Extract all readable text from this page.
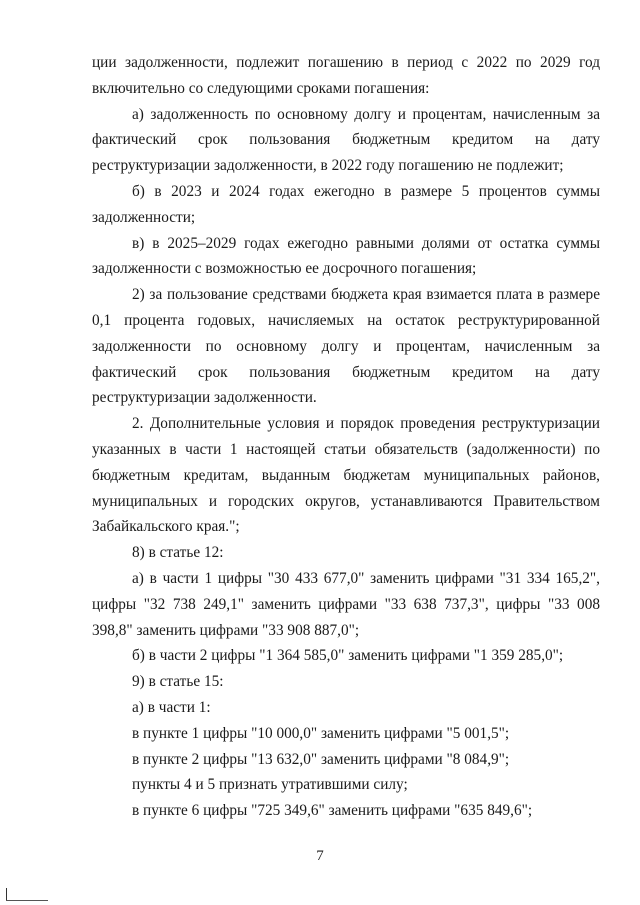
ции задолженности, подлежит погашению в период с 2022 по 2029 год включительно со следующими сроками погашения:

а) задолженность по основному долгу и процентам, начисленным за фактический срок пользования бюджетным кредитом на дату реструктуризации задолженности, в 2022 году погашению не подлежит;

б) в 2023 и 2024 годах ежегодно в размере 5 процентов суммы задолженности;

в) в 2025–2029 годах ежегодно равными долями от остатка суммы задолженности с возможностью ее досрочного погашения;

2) за пользование средствами бюджета края взимается плата в размере 0,1 процента годовых, начисляемых на остаток реструктурированной задолженности по основному долгу и процентам, начисленным за фактический срок пользования бюджетным кредитом на дату реструктуризации задолженности.

2. Дополнительные условия и порядок проведения реструктуризации указанных в части 1 настоящей статьи обязательств (задолженности) по бюджетным кредитам, выданным бюджетам муниципальных районов, муниципальных и городских округов, устанавливаются Правительством Забайкальского края.";

8) в статье 12:

а) в части 1 цифры "30 433 677,0" заменить цифрами "31 334 165,2", цифры "32 738 249,1" заменить цифрами "33 638 737,3", цифры "33 008 398,8" заменить цифрами "33 908 887,0";

б) в части 2 цифры "1 364 585,0" заменить цифрами "1 359 285,0";

9) в статье 15:

а) в части 1:

в пункте 1 цифры "10 000,0" заменить цифрами "5 001,5";

в пункте 2 цифры "13 632,0" заменить цифрами "8 084,9";

пункты 4 и 5 признать утратившими силу;

в пункте 6 цифры "725 349,6" заменить цифрами "635 849,6";

7
